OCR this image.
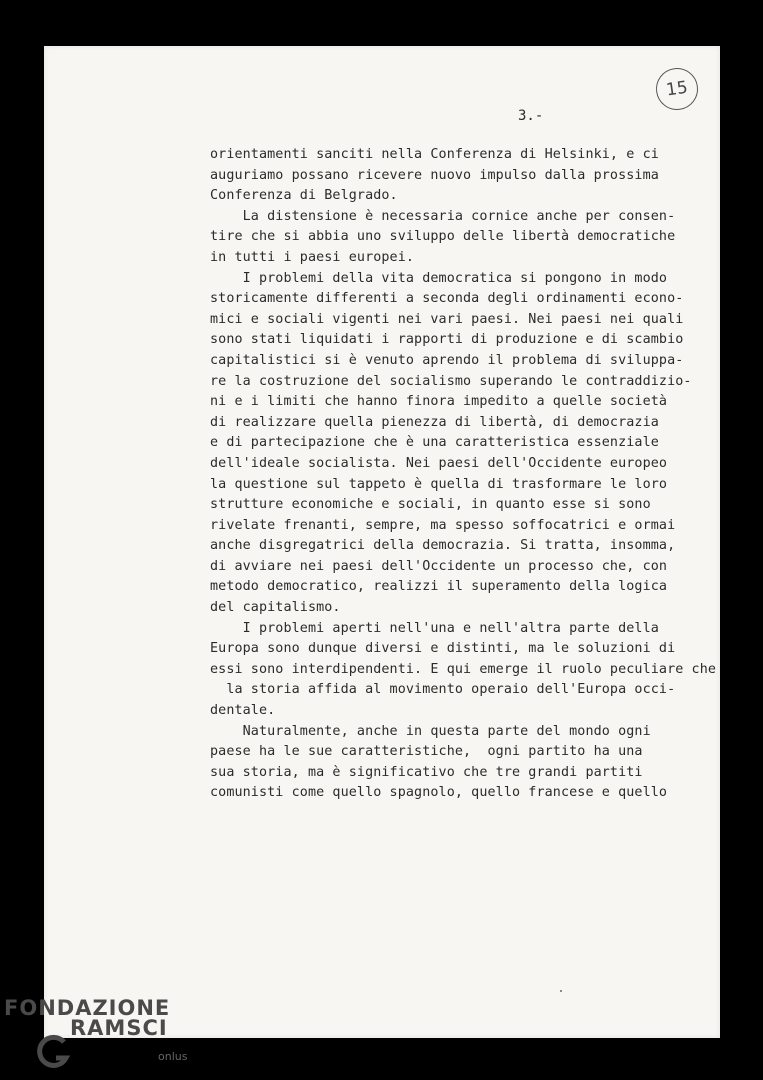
15
3.-
orientamenti sanciti nella Conferenza di Helsinki, e ci
auguriamo possano ricevere nuovo impulso dalla prossima
Conferenza di Belgrado.
La distensione è necessaria cornice anche per consen-
tire che si abbia uno sviluppo delle libertà democratiche
in tutti i paesi europei.
I problemi della vita democratica si pongono in modo
storicamente differenti a seconda degli ordinamenti econo-
mici e sociali vigenti nei vari paesi. Nei paesi nei quali
sono stati liquidati i rapporti di produzione e di scambio
capitalistici si è venuto aprendo il problema di sviluppa-
re la costruzione del socialismo superando le contraddizio-
ni e i limiti che hanno finora impedito a quelle società
di realizzare quella pienezza di libertà, di democrazia
e di partecipazione che è una caratteristica essenziale
dell'ideale socialista. Nei paesi dell'Occidente europeo
la questione sul tappeto è quella di trasformare le loro
strutture economiche e sociali, in quanto esse si sono
rivelate frenanti, sempre, ma spesso soffocatrici e ormai
anche disgregatrici della democrazia. Si tratta, insomma,
di avviare nei paesi dell'Occidente un processo che, con
metodo democratico, realizzi il superamento della logica
del capitalismo.
I problemi aperti nell'una e nell'altra parte della
Europa sono dunque diversi e distinti, ma le soluzioni di
essi sono interdipendenti. E qui emerge il ruolo peculiare che
la storia affida al movimento operaio dell'Europa occi-
dentale.
Naturalmente, anche in questa parte del mondo ogni
paese ha le sue caratteristiche,  ogni partito ha una
sua storia, ma è significativo che tre grandi partiti
comunisti come quello spagnolo, quello francese e quello
FONDAZIONE
RAMSCI
onlus
